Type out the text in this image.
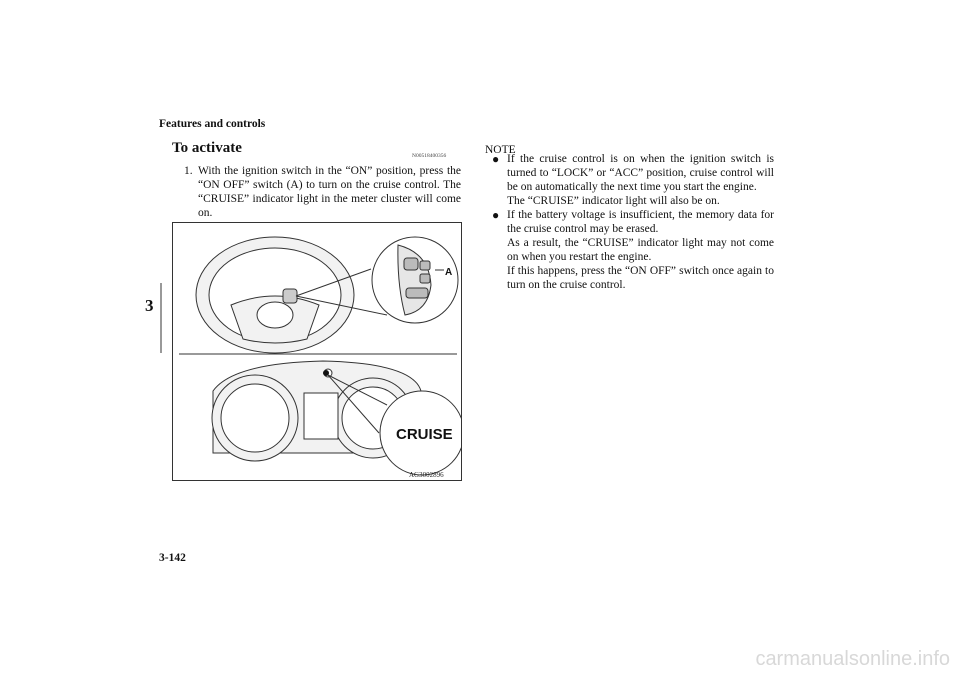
Features and controls
3
To activate	N00518400356
1. With the ignition switch in the “ON” position, press the “ON OFF” switch (A) to turn on the cruise control. The “CRUISE” indicator light in the meter cluster will come on.
A
CRUISE
AG3002896
NOTE
● If the cruise control is on when the ignition switch is turned to “LOCK” or “ACC” position, cruise control will be on automatically the next time you start the engine.

The “CRUISE” indicator light will also be on.

● If the battery voltage is insufficient, the memory data for the cruise control may be erased.

As a result, the “CRUISE” indicator light may not come on when you restart the engine.

If this happens, press the “ON OFF” switch once again to turn on the cruise control.

3-142
carmanualsonline.info
